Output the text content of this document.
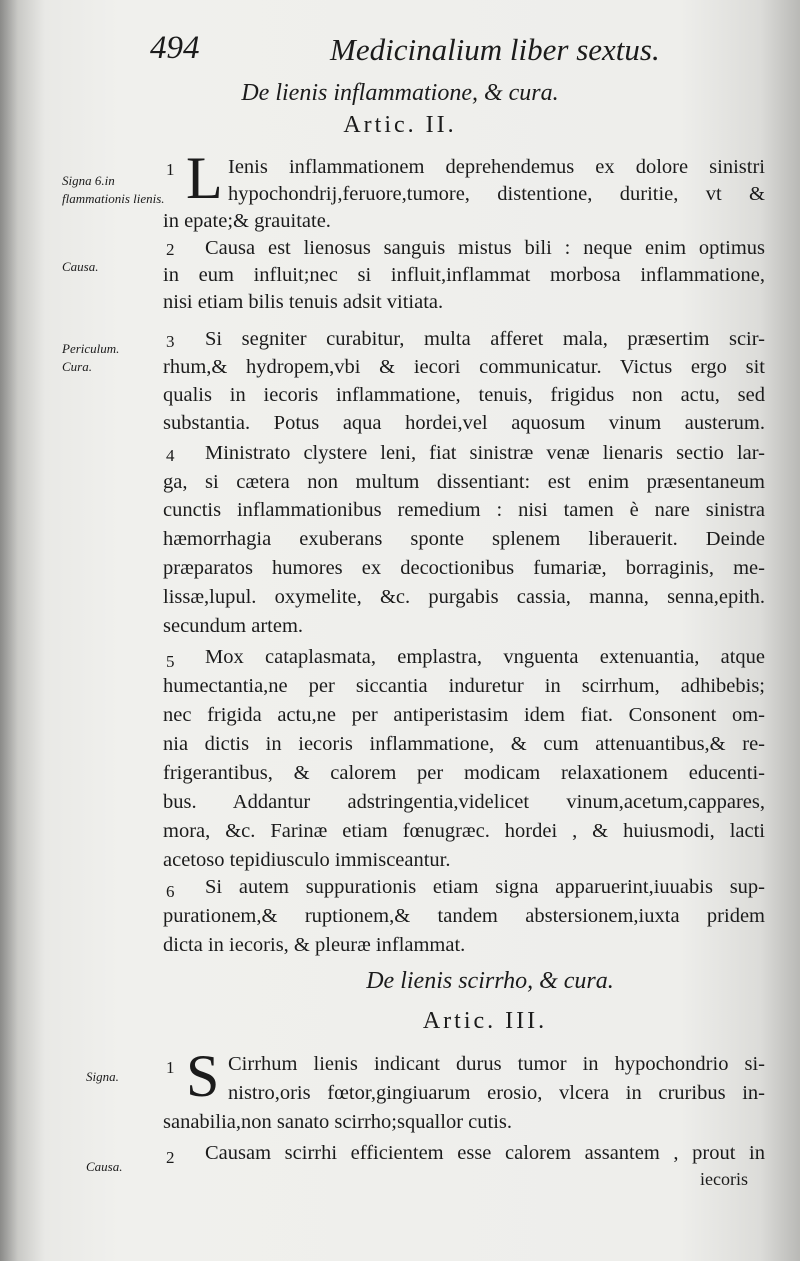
494	Medicinalium liber sextus.
De lienis inflammatione, & cura.
Artic. II.
Signa 6.in flammationis lienis.
Causa.
Periculum.
Cura.
1 L Ienis inflammationem deprehendemus ex dolore sinistri
hypochondrij,feruore,tumore, distentione, duritie, vt &
in epate;& grauitate.
2 Causa est lienosus sanguis mistus bili : neque enim optimus
in eum influit;nec si influit,inflammat morbosa inflammatione,
nisi etiam bilis tenuis adsit vitiata.
3 Si segniter curabitur, multa afferet mala, præsertim scir-
rhum,& hydropem,vbi & iecori communicatur. Victus ergo sit
qualis in iecoris inflammatione, tenuis, frigidus non actu, sed
substantia. Potus aqua hordei,vel aquosum vinum austerum.
4 Ministrato clystere leni, fiat sinistræ venæ lienaris sectio lar-
ga, si cætera non multum dissentiant: est enim præsentaneum
cunctis inflammationibus remedium : nisi tamen è nare sinistra
hæmorrhagia exuberans sponte splenem liberauerit. Deinde
præparatos humores ex decoctionibus fumariæ, borraginis, me-
lissæ,lupul. oxymelite, &c. purgabis cassia, manna, senna,epith.
secundum artem.
5 Mox cataplasmata, emplastra, vnguenta extenuantia, atque
humectantia,ne per siccantia induretur in scirrhum, adhibebis;
nec frigida actu,ne per antiperistasim idem fiat. Consonent om-
nia dictis in iecoris inflammatione, & cum attenuantibus,& re-
frigerantibus, & calorem per modicam relaxationem educenti-
bus. Addantur adstringentia,videlicet vinum,acetum,cappares,
mora, &c. Farinæ etiam fœnugræc. hordei , & huiusmodi, lacti
acetoso tepidiusculo immisceantur.
6 Si autem suppurationis etiam signa apparuerint,iuuabis sup-
purationem,& ruptionem,& tandem abstersionem,iuxta pridem
dicta in iecoris, & pleuræ inflammat.
De lienis scirrho, & cura.
Artic. III.
Signa.
Causa.
1 S Cirrhum lienis indicant durus tumor in hypochondrio si-
nistro,oris fœtor,gingiuarum erosio, vlcera in cruribus in-
sanabilia,non sanato scirrho;squallor cutis.
2 Causam scirrhi efficientem esse calorem assantem , prout in
iecoris
